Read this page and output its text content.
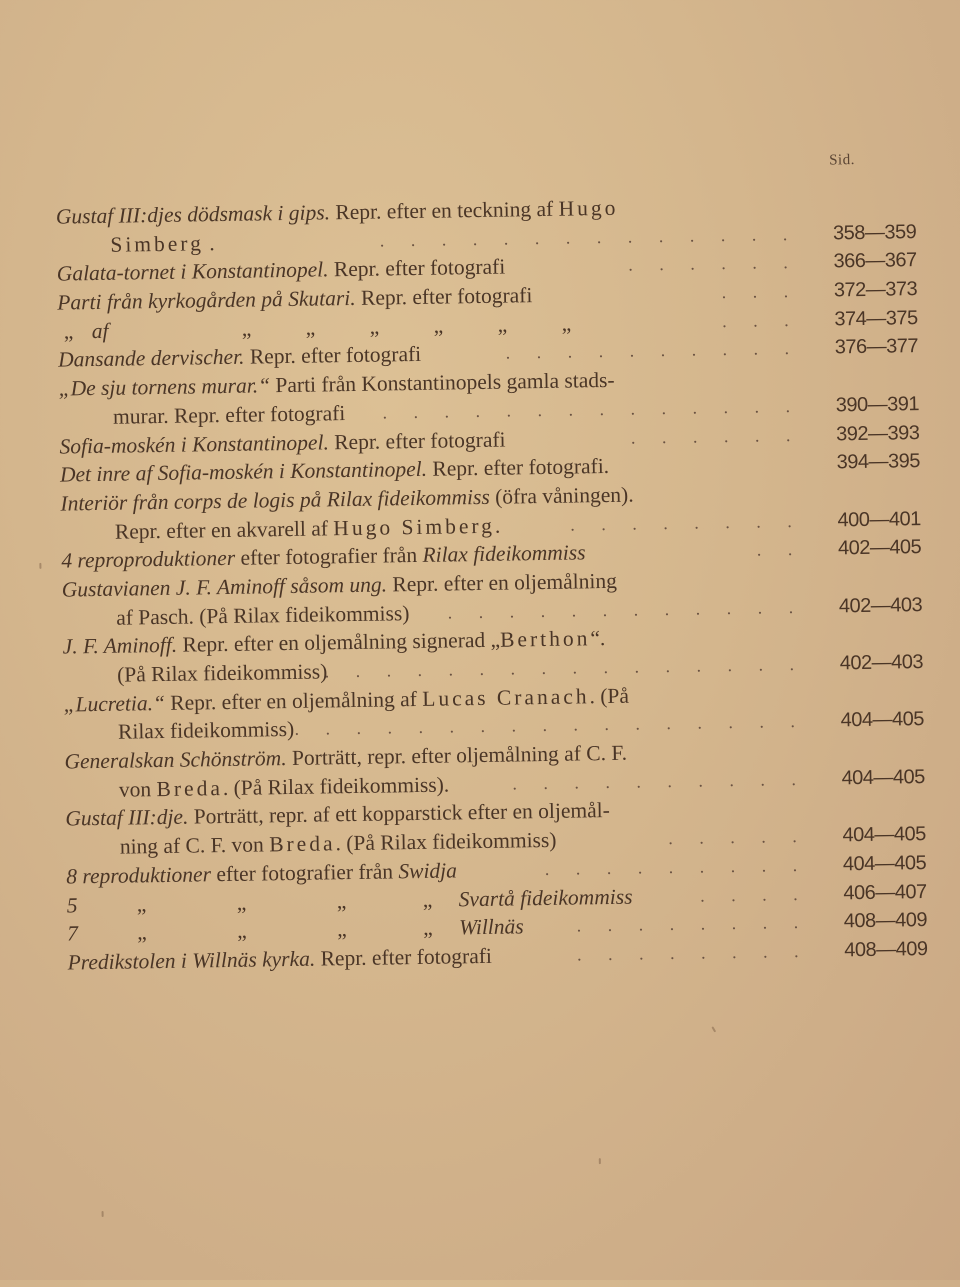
Sid.
Gustaf III:djes dödsmask i gips. Repr. efter en teckning af Hugo
Simberg .	. . . . . . . . . . . . . .	358—359
Galata-tornet i Konstantinopel. Repr. efter fotografi	. . . . . .	366—367
Parti från kyrkogården på Skutari. Repr. efter fotografi	. . .	372—373
„ af	„	„	„	„	„	„	. . .	374—375
Dansande dervischer. Repr. efter fotografi	. . . . . . . . . .	376—377
„De sju tornens murar.“ Parti från Konstantinopels gamla stads-
murar. Repr. efter fotografi . . . . . . . . . . . . . .	390—391
Sofia-moskén i Konstantinopel. Repr. efter fotografi	. . . . . .	392—393
Det inre af Sofia-moskén i Konstantinopel. Repr. efter fotografi.	394—395
Interiör från corps de logis på Rilax fideikommiss (öfra våningen).
Repr. efter en akvarell af Hugo Simberg.	. . . . . . . .	400—401
4 reproproduktioner efter fotografier från Rilax fideikommiss	. .	402—405
Gustavianen J. F. Aminoff såsom ung. Repr. efter en oljemålning
af Pasch. (På Rilax fideikommiss) . . . . . . . . . . . .	402—403
J. F. Aminoff. Repr. efter en oljemålning signerad „Berthon“.
(På Rilax fideikommiss)
. . . . . . . . . . . . . . . .	402—403
„Lucretia.“ Repr. efter en oljemålning af Lucas Cranach. (På
Rilax fideikommiss) . . . . . . . . . . . . . . . . .	404—405
Generalskan Schönström. Porträtt, repr. efter oljemålning af C. F.
von Breda. (På Rilax fideikommiss).	. . . . . . . . . .	404—405
Gustaf III:dje. Porträtt, repr. af ett kopparstick efter en oljemål-
ning af C. F. von Breda. (På Rilax fideikommiss)	. . . . .	404—405
8 reproduktioner efter fotografier från Swidja	. . . . . . . . .	404—405
5	„	„	„	„ Svartå fideikommiss	. . . .	406—407
7	„	„	„	„ Willnäs	. . . . . . . .	408—409
Predikstolen i Willnäs kyrka. Repr. efter fotografi	. . . . . . . .	408—409
